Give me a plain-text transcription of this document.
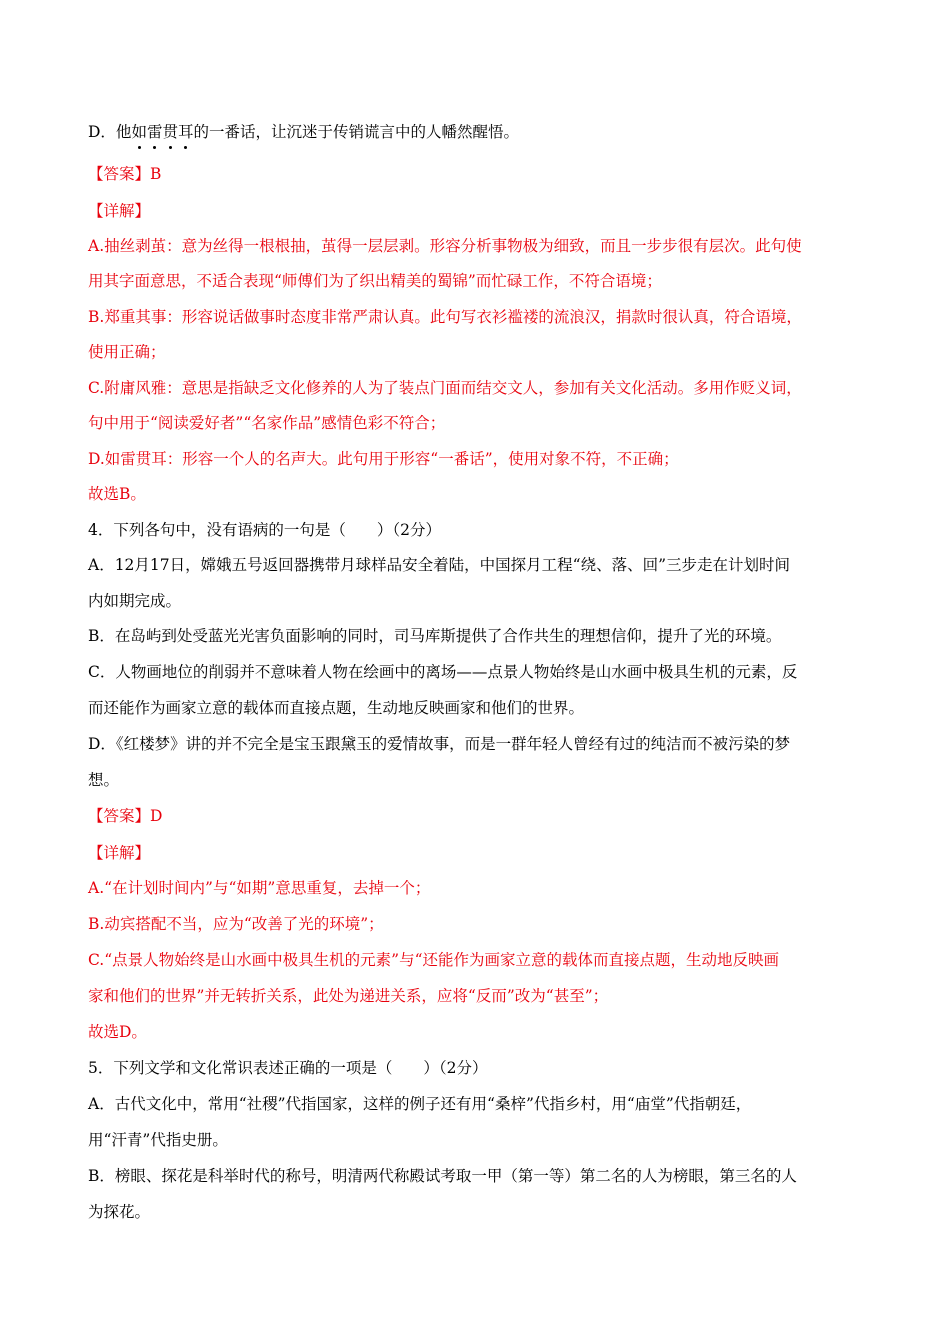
D．他如雷贯耳的一番话，让沉迷于传销谎言中的人幡然醒悟。
【答案】B
【详解】
A.抽丝剥茧：意为丝得一根根抽，茧得一层层剥。形容分析事物极为细致，而且一步步很有层次。此句使
用其字面意思，不适合表现“师傅们为了织出精美的蜀锦”而忙碌工作，不符合语境；
B.郑重其事：形容说话做事时态度非常严肃认真。此句写衣衫褴褛的流浪汉，捐款时很认真，符合语境，
使用正确；
C.附庸风雅：意思是指缺乏文化修养的人为了装点门面而结交文人，参加有关文化活动。多用作贬义词，
句中用于“阅读爱好者”“名家作品”感情色彩不符合；
D.如雷贯耳：形容一个人的名声大。此句用于形容“一番话”，使用对象不符，不正确；
故选B。
4．下列各句中，没有语病的一句是（　　）（2分）
A．12月17日，嫦娥五号返回器携带月球样品安全着陆，中国探月工程“绕、落、回”三步走在计划时间
内如期完成。
B．在岛屿到处受蓝光光害负面影响的同时，司马库斯提供了合作共生的理想信仰，提升了光的环境。
C．人物画地位的削弱并不意味着人物在绘画中的离场——点景人物始终是山水画中极具生机的元素，反
而还能作为画家立意的载体而直接点题，生动地反映画家和他们的世界。
D．《红楼梦》讲的并不完全是宝玉跟黛玉的爱情故事，而是一群年轻人曾经有过的纯洁而不被污染的梦
想。
【答案】D
【详解】
A.“在计划时间内”与“如期”意思重复，去掉一个；
B.动宾搭配不当，应为“改善了光的环境”；
C.“点景人物始终是山水画中极具生机的元素”与“还能作为画家立意的载体而直接点题，生动地反映画
家和他们的世界”并无转折关系，此处为递进关系，应将“反而”改为“甚至”；
故选D。
5．下列文学和文化常识表述正确的一项是（　　）（2分）
A．古代文化中，常用“社稷”代指国家，这样的例子还有用“桑梓”代指乡村，用“庙堂”代指朝廷，
用“汗青”代指史册。
B．榜眼、探花是科举时代的称号，明清两代称殿试考取一甲（第一等）第二名的人为榜眼，第三名的人
为探花。
